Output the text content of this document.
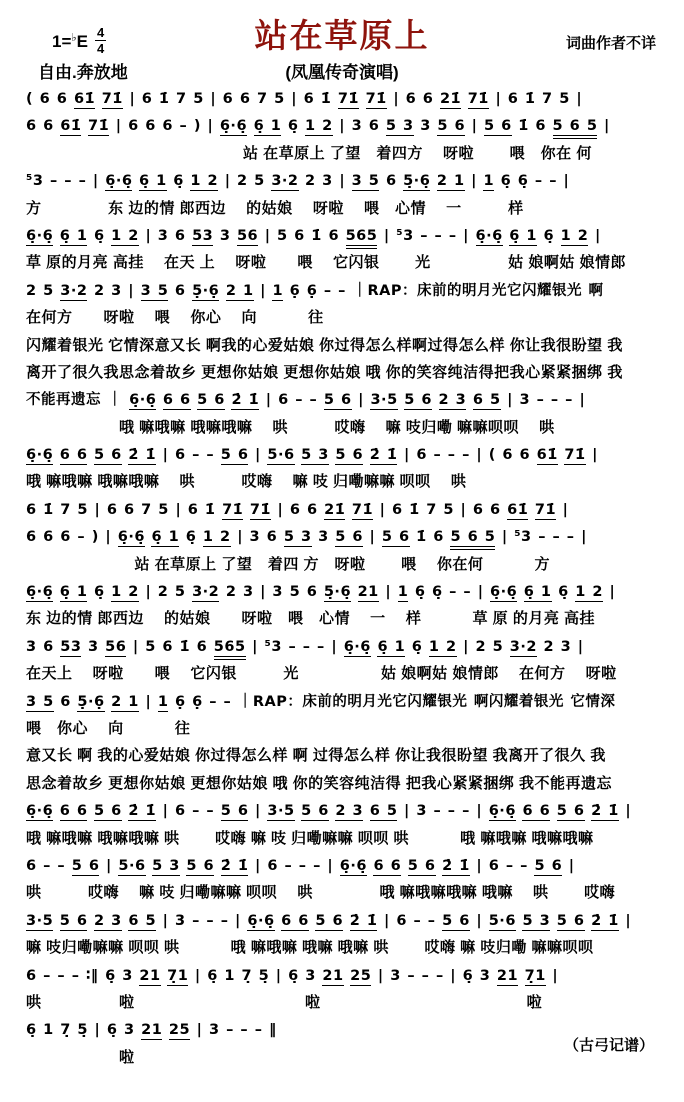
$1=^♭E \frac{4}{4}$
自由.奔放地
站在草原上
(凤凰传奇演唱)
词曲作者不详
( 6 6 61̇ 71̇ | 6 1̇ 7 5 | 6 6 7 5 | 6 1̇ 71̇ 71̇ | 6 6 21̇ 71̇ | 6 1̇ 7 5 |
6 6 61̇ 71̇ | 6 6 6 – ) | 6̣·6̣ 6̣ 1 6̣ 1 2 | 3 6 5 3 3 5 6 | 5 6 1̇ 6 5 6 5 |
　　　　　　　　　　　　　　站 在草原上 了望　着四方　 呀啦　　 喂　你在 何
⁵3 – – – | 6̣·6̣ 6̣ 1 6̣ 1 2 | 2 5 3·2 2 3 | 3 5 6 5̣·6̣ 2 1 | 1 6̣ 6̣ – – |
方　　　　 东 边的情 郎西边　 的姑娘　 呀啦　 喂　心情　 一　　　样
6̣·6̣ 6̣ 1 6̣ 1 2 | 3 6 53 3 56 | 5 6 1̇ 6 565 | ⁵3 – – – | 6̣·6̣ 6̣ 1 6̣ 1 2 |
草 原的月亮 高挂　 在天 上　 呀啦　　喂　 它闪银　　 光　　　　　姑 娘啊姑 娘情郎
2 5 3·2 2 3 | 3 5 6 5̣·6̣ 2 1 | 1 6̣ 6̣ – – ｜RAP：床前的明月光它闪耀银光 啊
在何方　　呀啦　 喂　 你心　 向　　　 往
闪耀着银光 它情深意又长 啊我的心爱姑娘 你过得怎么样啊过得怎么样 你让我很盼望 我
离开了很久我思念着故乡 更想你姑娘 更想你姑娘 哦 你的笑容纯洁得把我心紧紧捆绑 我
不能再遗忘 ｜ 6̣·6̣ 6 6 5 6 2̇ 1̇ | 6 – – 5 6 | 3·5 5 6 2 3 6 5 | 3 – – – |
　　　　　　哦 嘛哦嘛 哦嘛哦嘛　 哄　　　哎嗨　 嘛 吱归嘞 嘛嘛呗呗　 哄
6̣·6̣ 6 6 5 6 2̇ 1̇ | 6 – – 5 6 | 5·6 5 3 5 6 2̇ 1̇ | 6 – – – | ( 6 6 61̇ 71̇ |
哦 嘛哦嘛 哦嘛哦嘛　 哄　　　哎嗨　 嘛 吱 归嘞嘛嘛 呗呗　 哄
6 1̇ 7 5 | 6 6 7 5 | 6 1̇ 71̇ 71̇ | 6 6 21̇ 71̇ | 6 1̇ 7 5 | 6 6 61̇ 71̇ |
6 6 6 – ) | 6̣·6̣ 6̣ 1 6̣ 1 2 | 3 6 5 3 3 5 6 | 5 6 1̇ 6 5 6 5 | ⁵3 – – – |
　　　　　　　站 在草原上 了望　着四 方　呀啦　　 喂　 你在何　　　 方
6̣·6̣ 6̣ 1 6̣ 1 2 | 2 5 3·2 2 3 | 3 5 6 5̣·6̣ 21 | 1 6̣ 6̣ – – | 6̣·6̣ 6̣ 1 6̣ 1 2 |
东 边的情 郎西边　 的姑娘　　呀啦　喂　心情　 一　 样　　　 草 原 的月亮 高挂
3 6 53 3 56 | 5 6 1̇ 6 565 | ⁵3 – – – | 6̣·6̣ 6̣ 1 6̣ 1 2 | 2 5 3·2 2 3 |
在天上　 呀啦　　喂　 它闪银　　　光　　　　　 姑 娘啊姑 娘情郎　 在何方　 呀啦
3 5 6 5̣·6̣ 2 1 | 1 6̣ 6̣ – – ｜RAP：床前的明月光它闪耀银光 啊闪耀着银光 它情深
喂　你心　 向　　　 往
意又长 啊 我的心爱姑娘 你过得怎么样 啊 过得怎么样 你让我很盼望 我离开了很久 我
思念着故乡 更想你姑娘 更想你姑娘 哦 你的笑容纯洁得 把我心紧紧捆绑 我不能再遗忘
6̣·6̣ 6 6 5 6 2̇ 1̇ | 6 – – 5 6 | 3·5 5 6 2 3 6 5 | 3 – – – | 6̣·6̣ 6 6 5 6 2̇ 1̇ |
哦 嘛哦嘛 哦嘛哦嘛 哄　　 哎嗨 嘛 吱 归嘞嘛嘛 呗呗 哄　　　 哦 嘛哦嘛 哦嘛哦嘛
6 – – 5 6 | 5·6 5 3 5 6 2̇ 1̇ | 6 – – – | 6̣·6̣ 6 6 5 6 2̇ 1̇ | 6 – – 5 6 |
哄　　　哎嗨　 嘛 吱 归嘞嘛嘛 呗呗　 哄　　　　 哦 嘛哦嘛哦嘛 哦嘛　 哄　　 哎嗨
3·5 5 6 2 3 6 5 | 3 – – – | 6̣·6̣ 6 6 5 6 2̇ 1̇ | 6 – – 5 6 | 5·6 5 3 5 6 2̇ 1̇ |
嘛 吱归嘞嘛嘛 呗呗 哄　　　 哦 嘛哦嘛 哦嘛 哦嘛 哄　　 哎嗨 嘛 吱归嘞 嘛嘛呗呗
6 – – – ∶‖ 6̣ 3 21 7̣1 | 6̣ 1 7̣ 5̣ | 6̣ 3 21 25 | 3 – – – | 6̣ 3 21 7̣1 |
哄　　　　　啦　　　　　　　　　　　啦　　　　　　　　　　　　　 啦
6̣ 1 7̣ 5̣ | 6̣ 3 21 25 | 3 – – – ‖
　　　　　　啦
（古弓记谱）
